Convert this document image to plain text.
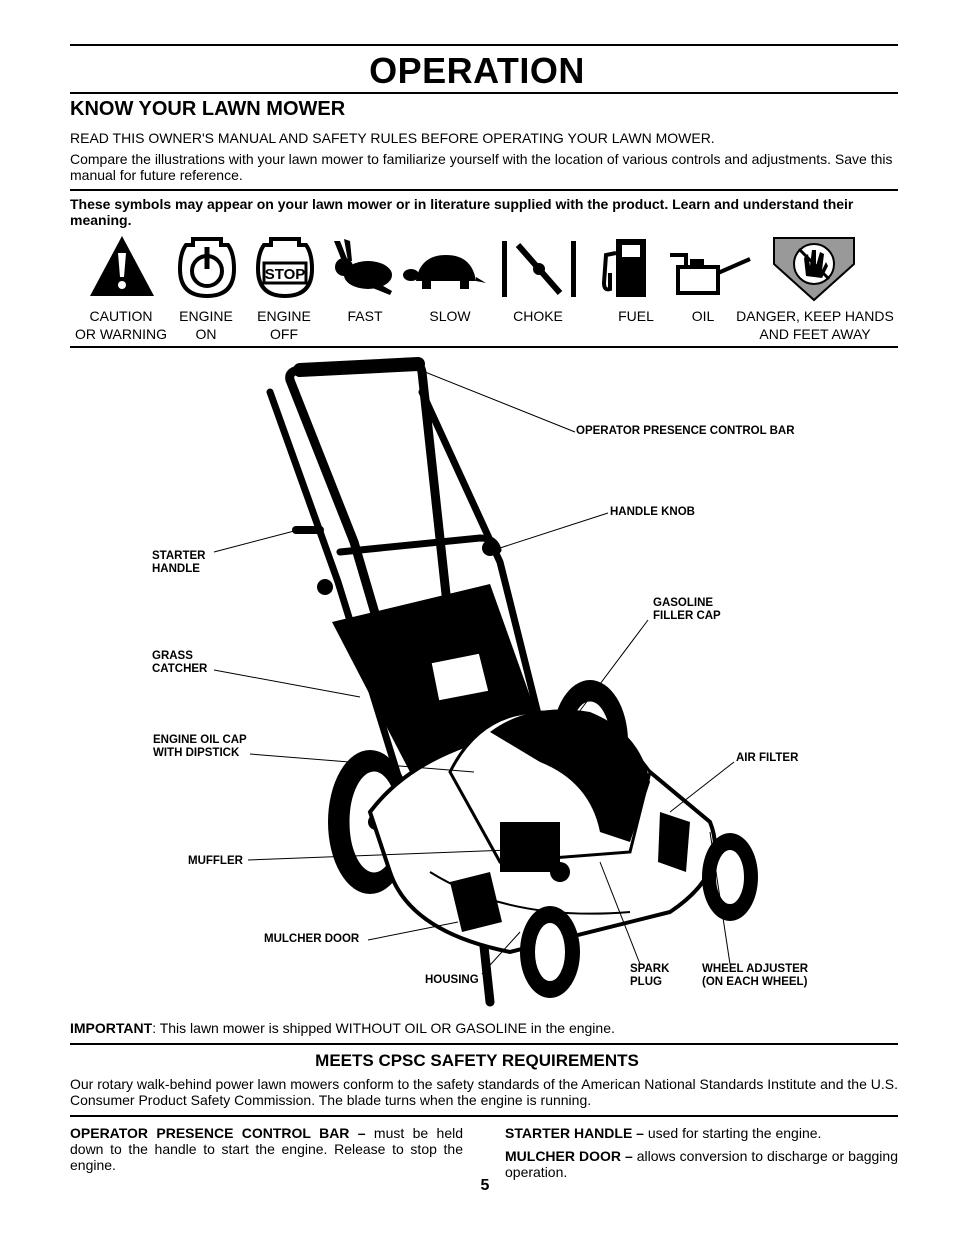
OPERATION
KNOW YOUR LAWN MOWER
READ THIS OWNER'S MANUAL AND SAFETY RULES BEFORE OPERATING YOUR LAWN MOWER.
Compare the illustrations with your lawn mower to familiarize yourself with the location of various controls and adjustments. Save this manual for future reference.
These symbols may appear on your lawn mower or in literature supplied with the product. Learn and understand their meaning.
STOP
CAUTION
OR WARNING
ENGINE
ON
ENGINE
OFF
FAST	SLOW	CHOKE	FUEL	OIL	DANGER, KEEP HANDS
AND FEET AWAY
OPERATOR PRESENCE CONTROL BAR
HANDLE KNOB
STARTER
HANDLE
GASOLINE
FILLER CAP
GRASS
CATCHER
ENGINE OIL CAP
WITH DIPSTICK	AIR FILTER
MUFFLER
MULCHER DOOR
HOUSING
SPARK
PLUG
WHEEL ADJUSTER
(ON EACH WHEEL)
IMPORTANT: This lawn mower is shipped WITHOUT OIL OR GASOLINE in the engine.
MEETS CPSC SAFETY REQUIREMENTS
Our rotary walk-behind power lawn mowers conform to the safety standards of the American National Standards Institute and the U.S. Consumer Product Safety Commission. The blade turns when the engine is running.

OPERATOR PRESENCE CONTROL BAR – must be held down to the handle to start the engine. Release to stop the engine.

STARTER HANDLE – used for starting the engine.

MULCHER DOOR – allows conversion to discharge or bagging operation.

5
